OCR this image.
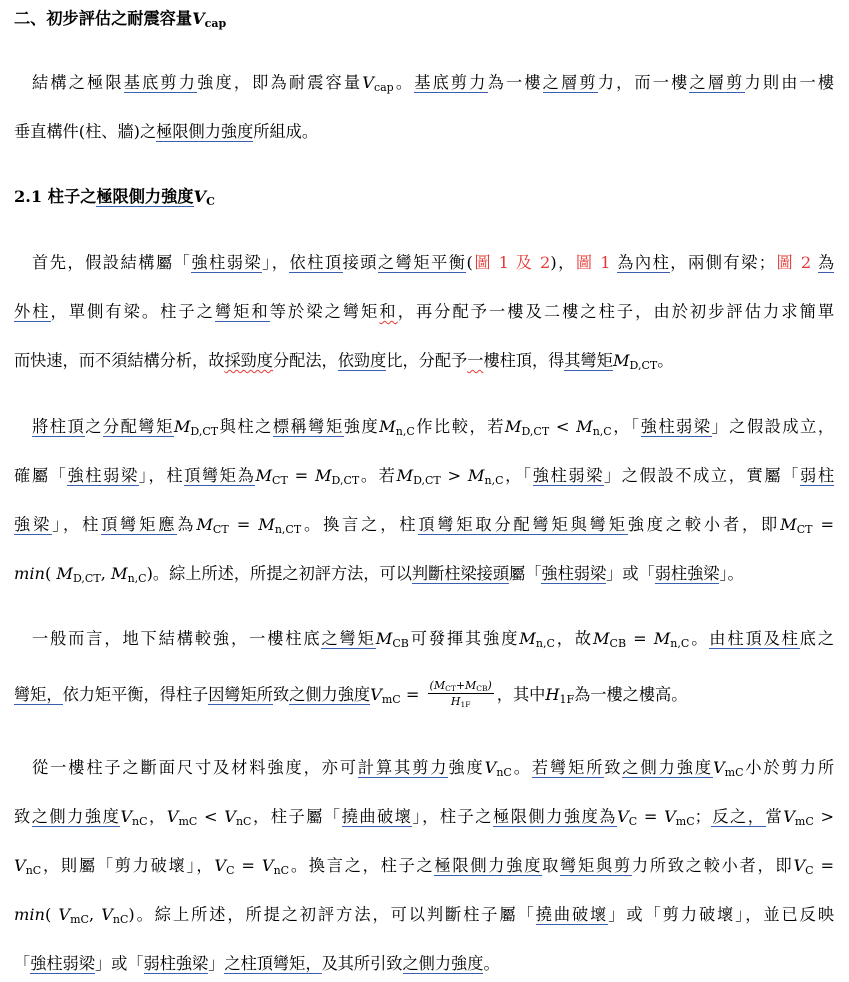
二、初步評估之耐震容量$V_{cap}$
結構之極限基底剪力強度，即為耐震容量$V_{cap}$。基底剪力為一樓之層剪力，而一樓之層剪力則由一樓
垂直構件(柱、牆)之極限側力強度所組成。
2.1 柱子之極限側力強度$V_C$
首先，假設結構屬「強柱弱梁」，依柱頂接頭之彎矩平衡(圖 1 及 2)，圖 1 為內柱，兩側有梁；圖 2 為
外柱，單側有梁。柱子之彎矩和等於梁之彎矩和，再分配予一樓及二樓之柱子，由於初步評估力求簡單
而快速，而不須結構分析，故採勁度分配法，依勁度比，分配予一樓柱頂，得其彎矩$M_{D,CT}$。
將柱頂之分配彎矩$M_{D,CT}$與柱之標稱彎矩強度$M_{n,C}$作比較，若$M_{D,CT} < M_{n,C}$，「強柱弱梁」之假設成立，
確屬「強柱弱梁」，柱頂彎矩為$M_{CT} = M_{D,CT}$。若$M_{D,CT} > M_{n,C}$，「強柱弱梁」之假設不成立，實屬「弱柱
強梁」，柱頂彎矩應為$M_{CT} = M_{n,CT}$。換言之，柱頂彎矩取分配彎矩與彎矩強度之較小者，即$M_{CT}$ =
min( $M_{D,CT}$, $M_{n,C}$)。綜上所述，所提之初評方法，可以判斷柱梁接頭屬「強柱弱梁」或「弱柱強梁」。
一般而言，地下結構較強，一樓柱底之彎矩$M_{CB}$可發揮其強度$M_{n,C}$，故$M_{CB} = M_{n,C}$。由柱頂及柱底之
彎矩，依力矩平衡，得柱子因彎矩所致之側力強度$V_{mC} = \frac{(M_{CT}+M_{CB})}{H_{1F}}$ ，其中$H_{1F}$為一樓之樓高。
從一樓柱子之斷面尺寸及材料強度，亦可計算其剪力強度$V_{nC}$。若彎矩所致之側力強度$V_{mC}$小於剪力所
致之側力強度$V_{nC}$，$V_{mC} < V_{nC}$，柱子屬「撓曲破壞」，柱子之極限側力強度為$V_C = V_{mC}$；反之，當$V_{mC}$ >
$V_{nC}$，則屬「剪力破壞」，$V_C = V_{nC}$。換言之，柱子之極限側力強度取彎矩與剪力所致之較小者，即$V_C$ =
min( $V_{mC}$, $V_{nC}$)。綜上所述，所提之初評方法，可以判斷柱子屬「撓曲破壞」或「剪力破壞」，並已反映
「強柱弱梁」或「弱柱強梁」之柱頂彎矩，及其所引致之側力強度。
